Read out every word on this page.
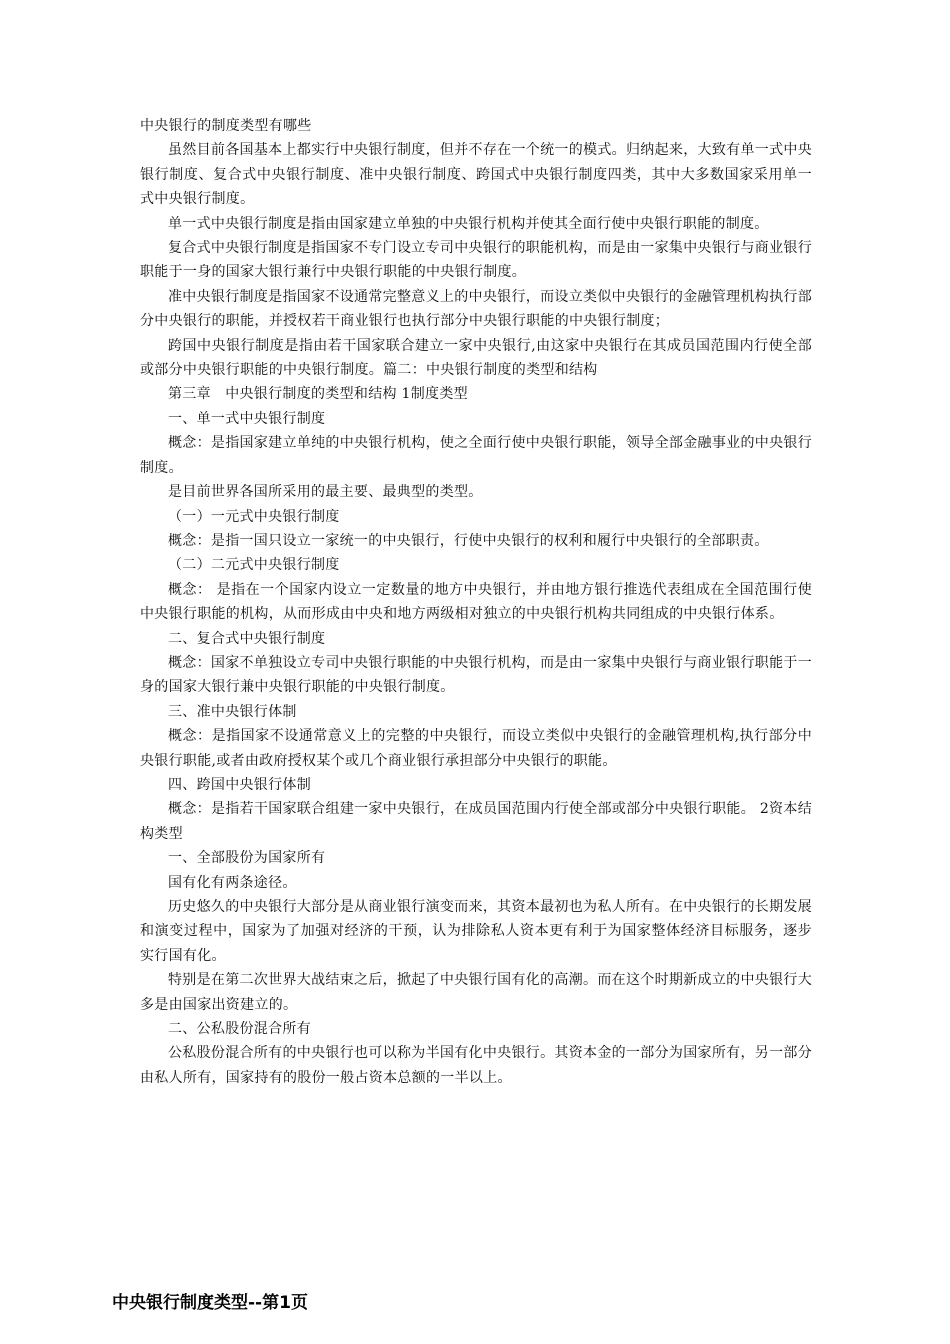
中央银行的制度类型有哪些

虽然目前各国基本上都实行中央银行制度，但并不存在一个统一的模式。归纳起来，大致有单一式中央银行制度、复合式中央银行制度、准中央银行制度、跨国式中央银行制度四类，其中大多数国家采用单一式中央银行制度。

单一式中央银行制度是指由国家建立单独的中央银行机构并使其全面行使中央银行职能的制度。

复合式中央银行制度是指国家不专门设立专司中央银行的职能机构，而是由一家集中央银行与商业银行职能于一身的国家大银行兼行中央银行职能的中央银行制度。

准中央银行制度是指国家不设通常完整意义上的中央银行，而设立类似中央银行的金融管理机构执行部分中央银行的职能，并授权若干商业银行也执行部分中央银行职能的中央银行制度；

跨国中央银行制度是指由若干国家联合建立一家中央银行,由这家中央银行在其成员国范围内行使全部或部分中央银行职能的中央银行制度。篇二：中央银行制度的类型和结构

第三章　中央银行制度的类型和结构 1制度类型

一、单一式中央银行制度

概念：是指国家建立单纯的中央银行机构，使之全面行使中央银行职能，领导全部金融事业的中央银行制度。

是目前世界各国所采用的最主要、最典型的类型。

（一）一元式中央银行制度

概念：是指一国只设立一家统一的中央银行，行使中央银行的权利和履行中央银行的全部职责。

（二）二元式中央银行制度

概念： 是指在一个国家内设立一定数量的地方中央银行，并由地方银行推选代表组成在全国范围行使中央银行职能的机构，从而形成由中央和地方两级相对独立的中央银行机构共同组成的中央银行体系。

二、复合式中央银行制度

概念：国家不单独设立专司中央银行职能的中央银行机构，而是由一家集中央银行与商业银行职能于一身的国家大银行兼中央银行职能的中央银行制度。

三、准中央银行体制

概念：是指国家不设通常意义上的完整的中央银行，而设立类似中央银行的金融管理机构,执行部分中央银行职能,或者由政府授权某个或几个商业银行承担部分中央银行的职能。

四、跨国中央银行体制

概念：是指若干国家联合组建一家中央银行，在成员国范围内行使全部或部分中央银行职能。 2资本结构类型

一、全部股份为国家所有

国有化有两条途径。

历史悠久的中央银行大部分是从商业银行演变而来，其资本最初也为私人所有。在中央银行的长期发展和演变过程中，国家为了加强对经济的干预，认为排除私人资本更有利于为国家整体经济目标服务，逐步实行国有化。

特别是在第二次世界大战结束之后，掀起了中央银行国有化的高潮。而在这个时期新成立的中央银行大多是由国家出资建立的。

二、公私股份混合所有

公私股份混合所有的中央银行也可以称为半国有化中央银行。其资本金的一部分为国家所有，另一部分由私人所有，国家持有的股份一般占资本总额的一半以上。

中央银行制度类型--第1页
